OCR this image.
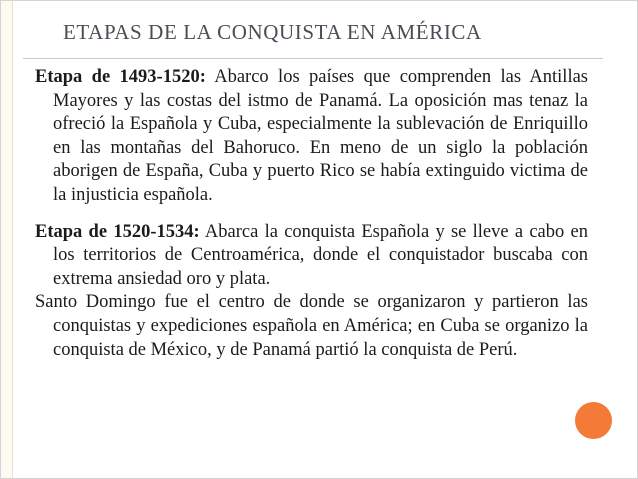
ETAPAS DE LA CONQUISTA EN AMÉRICA

Etapa de 1493-1520: Abarco los países que comprenden las Antillas Mayores y las costas del istmo de Panamá. La oposición mas tenaz la ofreció la Española y Cuba, especialmente la sublevación de Enriquillo en las montañas del Bahoruco. En meno de un siglo la población aborigen de España, Cuba y puerto Rico se había extinguido victima de la injusticia española.

Etapa de 1520-1534: Abarca la conquista Española y se lleve a cabo en los territorios de Centroamérica, donde el conquistador buscaba con extrema ansiedad oro y plata.

Santo Domingo fue el centro de donde se organizaron y partieron las conquistas y expediciones española en América; en Cuba se organizo la conquista de México, y de Panamá partió la conquista de Perú.
